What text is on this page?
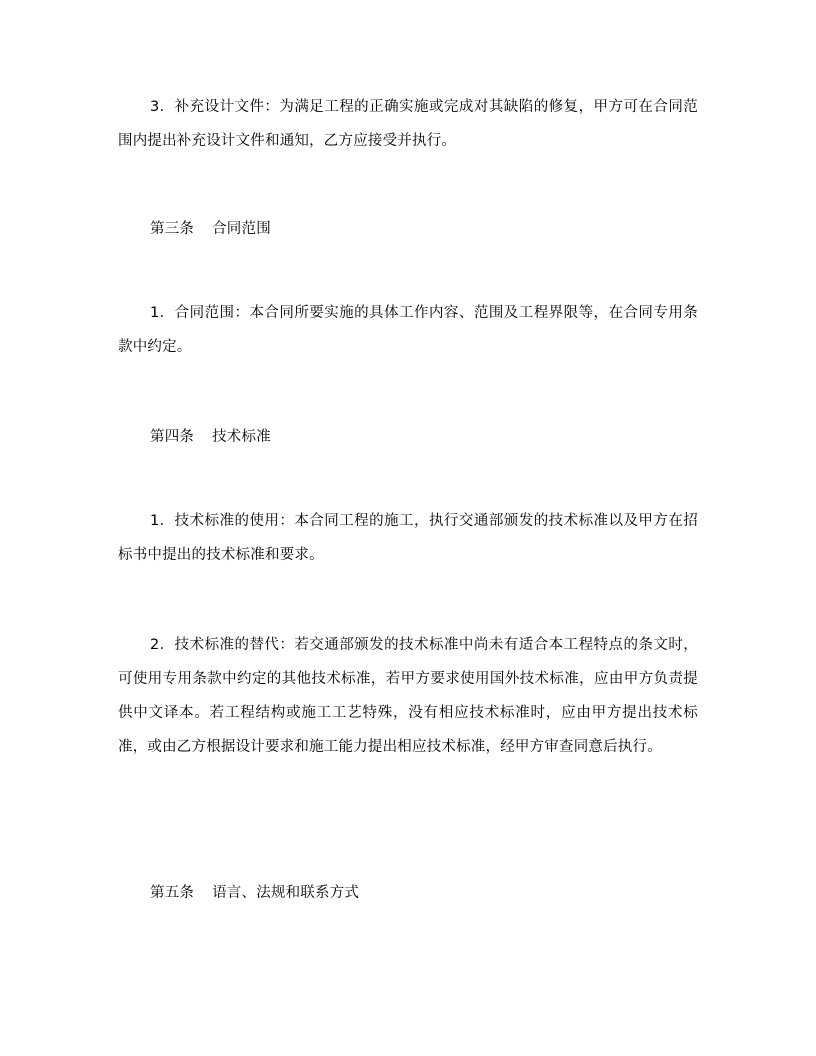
3．补充设计文件：为满足工程的正确实施或完成对其缺陷的修复，甲方可在合同范围内提出补充设计文件和通知，乙方应接受并执行。

第三条 合同范围

1．合同范围：本合同所要实施的具体工作内容、范围及工程界限等，在合同专用条款中约定。

第四条 技术标准

1．技术标准的使用：本合同工程的施工，执行交通部颁发的技术标准以及甲方在招标书中提出的技术标准和要求。

2．技术标准的替代：若交通部颁发的技术标准中尚未有适合本工程特点的条文时，可使用专用条款中约定的其他技术标准，若甲方要求使用国外技术标准，应由甲方负责提供中文译本。若工程结构或施工工艺特殊，没有相应技术标准时，应由甲方提出技术标准，或由乙方根据设计要求和施工能力提出相应技术标准，经甲方审查同意后执行。

第五条 语言、法规和联系方式
